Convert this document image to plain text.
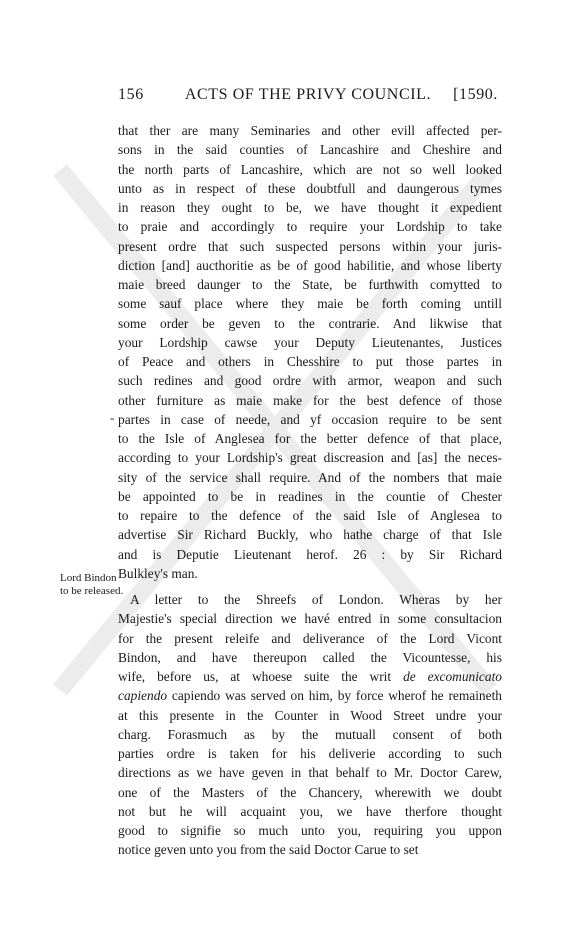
156	ACTS OF THE PRIVY COUNCIL.	[1590.
-
Lord Bindon
to be released.
that ther are many Seminaries and other evill affected per-
sons in the said counties of Lancashire and Cheshire and
the north parts of Lancashire, which are not so well looked
unto as in respect of these doubtfull and daungerous tymes
in reason they ought to be, we have thought it expedient
to praie and accordingly to require your Lordship to take
present ordre that such suspected persons within your juris-
diction [and] aucthoritie as be of good habilitie, and whose liberty
maie breed daunger to the State, be furthwith comytted to
some sauf place where they maie be forth coming untill
some order be geven to the contrarie. And likwise that
your Lordship cawse your Deputy Lieutenantes, Justices
of Peace and others in Chesshire to put those partes in
such redines and good ordre with armor, weapon and such
other furniture as maie make for the best defence of those
partes in case of neede, and yf occasion require to be sent
to the Isle of Anglesea for the better defence of that place,
according to your Lordship's great discreasion and [as] the neces-
sity of the service shall require. And of the nombers that maie
be appointed to be in readines in the countie of Chester
to repaire to the defence of the said Isle of Anglesea to
advertise Sir Richard Buckly, who hathe charge of that Isle
and is Deputie Lieutenant herof. 26 : by Sir Richard
Bulkley's man.
A letter to the Shreefs of London. Wheras by her
Majestie's special direction we havé entred in some consultacion
for the present releife and deliverance of the Lord Vicont
Bindon, and have thereupon called the Vicountesse, his
wife, before us, at whoese suite the writ de excomunicato
capiendo capiendo was served on him, by force wherof he remaineth
at this presente in the Counter in Wood Street undre your
charg. Forasmuch as by the mutuall consent of both
parties ordre is taken for his deliverie according to such
directions as we have geven in that behalf to Mr. Doctor Carew,
one of the Masters of the Chancery, wherewith we doubt
not but he will acquaint you, we have therfore thought
good to signifie so much unto you, requiring you uppon
notice geven unto you from the said Doctor Carue to set
